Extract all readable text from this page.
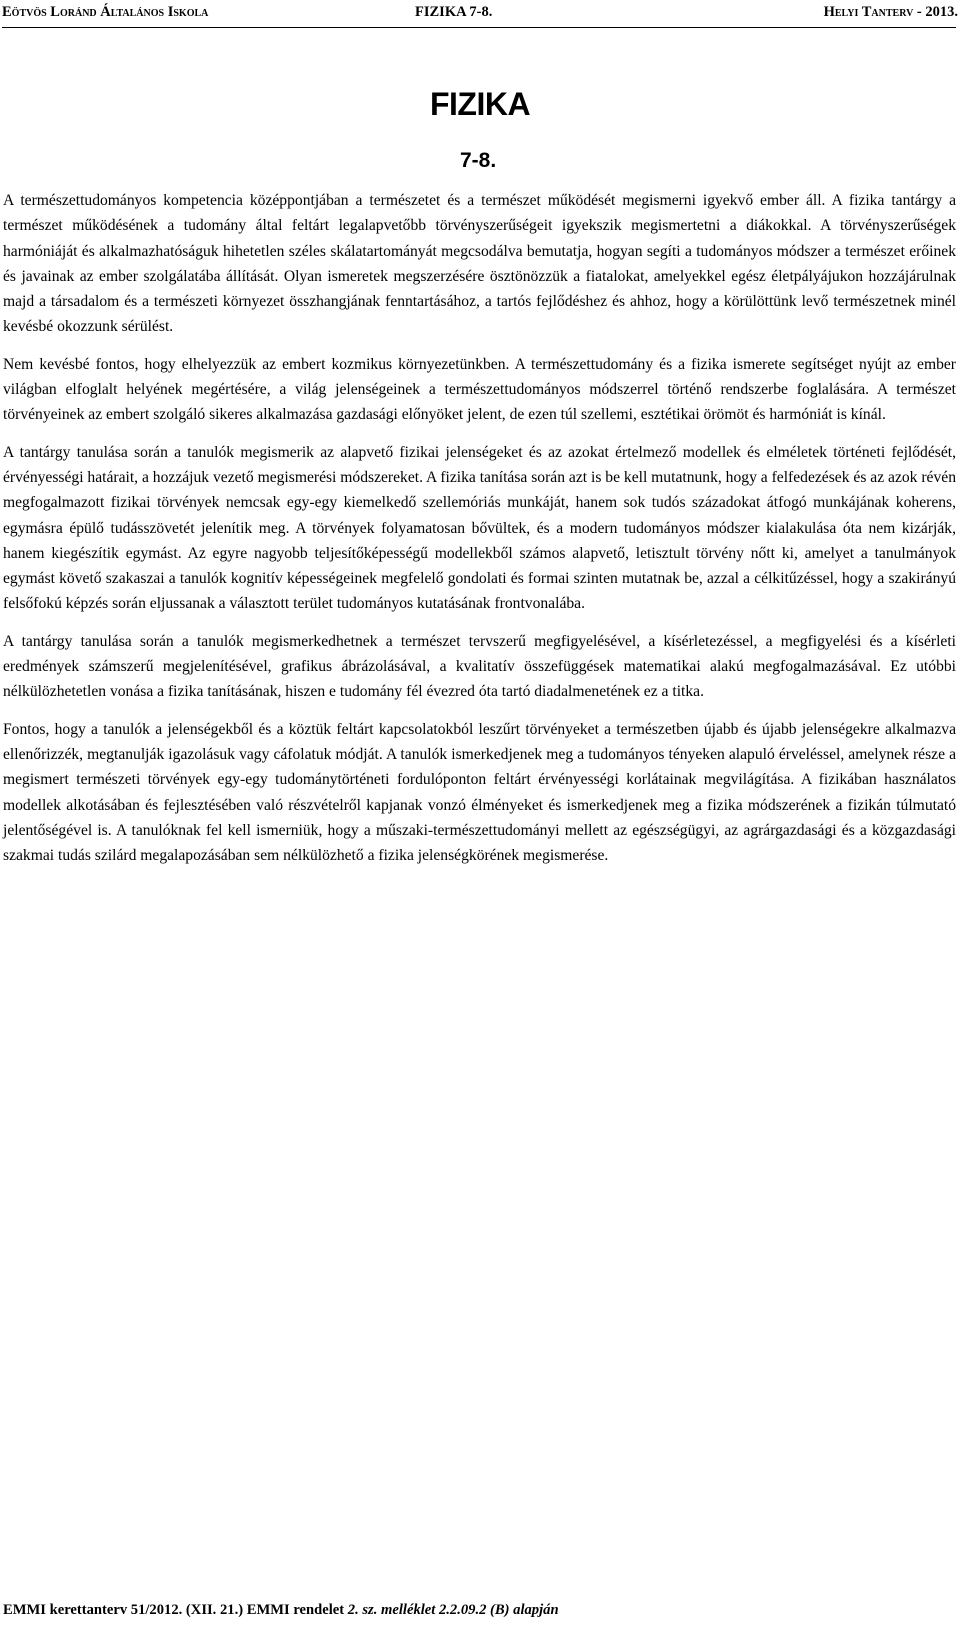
Eötvös Loránd Általános Iskola	FIZIKA 7-8.	Helyi Tanterv - 2013.
FIZIKA
7-8.

A természettudományos kompetencia középpontjában a természetet és a természet működését megismerni igyekvő ember áll. A fizika tantárgy a természet működésének a tudomány által feltárt legalapvetőbb törvényszerűségeit igyekszik megismertetni a diákokkal. A törvényszerűségek harmóniáját és alkalmazhatóságuk hihetetlen széles skálatartományát megcsodálva bemutatja, hogyan segíti a tudományos módszer a természet erőinek és javainak az ember szolgálatába állítását. Olyan ismeretek megszerzésére ösztönözzük a fiatalokat, amelyekkel egész életpályájukon hozzájárulnak majd a társadalom és a természeti környezet összhangjának fenntartásához, a tartós fejlődéshez és ahhoz, hogy a körülöttünk levő természetnek minél kevésbé okozzunk sérülést.

Nem kevésbé fontos, hogy elhelyezzük az embert kozmikus környezetünkben. A természettudomány és a fizika ismerete segítséget nyújt az ember világban elfoglalt helyének megértésére, a világ jelenségeinek a természettudományos módszerrel történő rendszerbe foglalására. A természet törvényeinek az embert szolgáló sikeres alkalmazása gazdasági előnyöket jelent, de ezen túl szellemi, esztétikai örömöt és harmóniát is kínál.

A tantárgy tanulása során a tanulók megismerik az alapvető fizikai jelenségeket és az azokat értelmező modellek és elméletek történeti fejlődését, érvényességi határait, a hozzájuk vezető megismerési módszereket. A fizika tanítása során azt is be kell mutatnunk, hogy a felfedezések és az azok révén megfogalmazott fizikai törvények nemcsak egy-egy kiemelkedő szellemóriás munkáját, hanem sok tudós századokat átfogó munkájának koherens, egymásra épülő tudásszövetét jelenítik meg. A törvények folyamatosan bővültek, és a modern tudományos módszer kialakulása óta nem kizárják, hanem kiegészítik egymást. Az egyre nagyobb teljesítőképességű modellekből számos alapvető, letisztult törvény nőtt ki, amelyet a tanulmányok egymást követő szakaszai a tanulók kognitív képességeinek megfelelő gondolati és formai szinten mutatnak be, azzal a célkitűzéssel, hogy a szakirányú felsőfokú képzés során eljussanak a választott terület tudományos kutatásának frontvonalába.

A tantárgy tanulása során a tanulók megismerkedhetnek a természet tervszerű megfigyelésével, a kísérletezéssel, a megfigyelési és a kísérleti eredmények számszerű megjelenítésével, grafikus ábrázolásával, a kvalitatív összefüggések matematikai alakú megfogalmazásával. Ez utóbbi nélkülözhetetlen vonása a fizika tanításának, hiszen e tudomány fél évezred óta tartó diadalmenetének ez a titka.

Fontos, hogy a tanulók a jelenségekből és a köztük feltárt kapcsolatokból leszűrt törvényeket a természetben újabb és újabb jelenségekre alkalmazva ellenőrizzék, megtanulják igazolásuk vagy cáfolatuk módját. A tanulók ismerkedjenek meg a tudományos tényeken alapuló érveléssel, amelynek része a megismert természeti törvények egy-egy tudománytörténeti fordulóponton feltárt érvényességi korlátainak megvilágítása. A fizikában használatos modellek alkotásában és fejlesztésében való részvételről kapjanak vonzó élményeket és ismerkedjenek meg a fizika módszerének a fizikán túlmutató jelentőségével is. A tanulóknak fel kell ismerniük, hogy a műszaki-természettudományi mellett az egészségügyi, az agrárgazdasági és a közgazdasági szakmai tudás szilárd megalapozásában sem nélkülözhető a fizika jelenségkörének megismerése.

EMMI kerettanterv 51/2012. (XII. 21.) EMMI rendelet 2. sz. melléklet 2.2.09.2 (B) alapján
